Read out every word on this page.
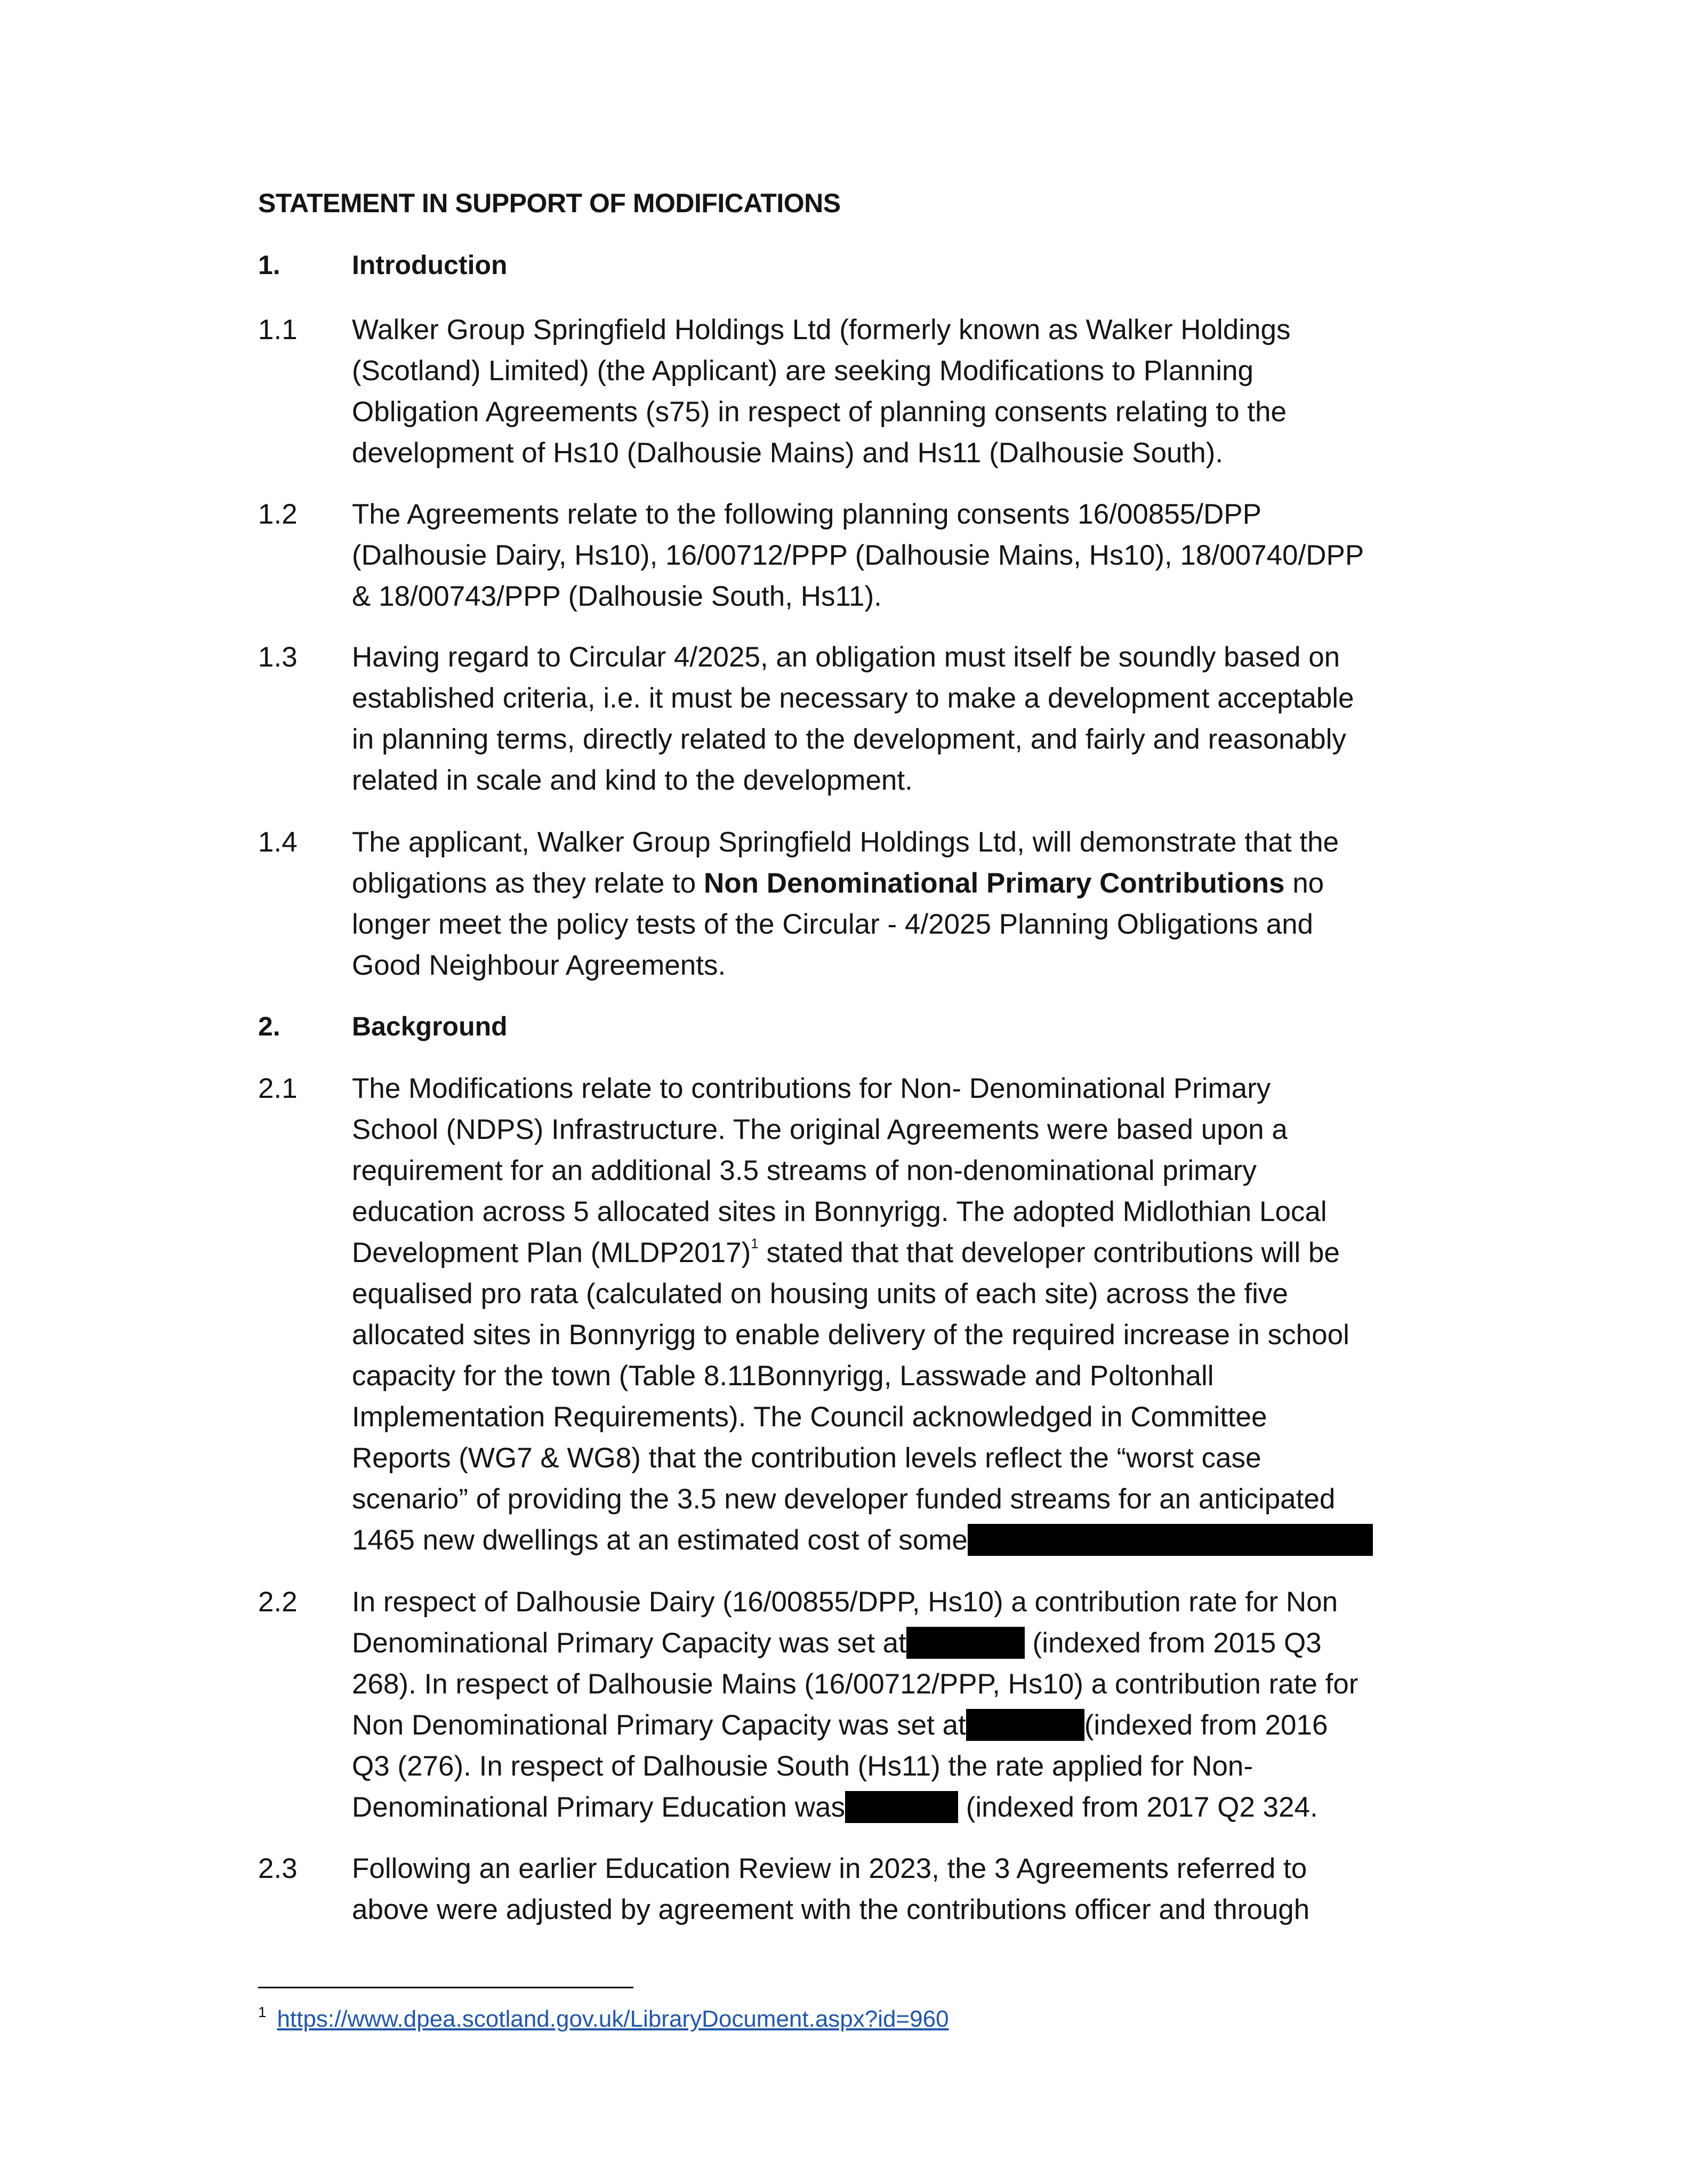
STATEMENT IN SUPPORT OF MODIFICATIONS
1.	Introduction
1.1	Walker Group Springfield Holdings Ltd (formerly known as Walker Holdings
(Scotland) Limited) (the Applicant) are seeking Modifications to Planning
Obligation Agreements (s75) in respect of planning consents relating to the
development of Hs10 (Dalhousie Mains) and Hs11 (Dalhousie South).
1.2	The Agreements relate to the following planning consents 16/00855/DPP
(Dalhousie Dairy, Hs10), 16/00712/PPP (Dalhousie Mains, Hs10), 18/00740/DPP
& 18/00743/PPP (Dalhousie South, Hs11).
1.3	Having regard to Circular 4/2025, an obligation must itself be soundly based on
established criteria, i.e. it must be necessary to make a development acceptable
in planning terms, directly related to the development, and fairly and reasonably
related in scale and kind to the development.
1.4	The applicant, Walker Group Springfield Holdings Ltd, will demonstrate that the
obligations as they relate to Non Denominational Primary Contributions no
longer meet the policy tests of the Circular - 4/2025 Planning Obligations and
Good Neighbour Agreements.
2.	Background
2.1	The Modifications relate to contributions for Non- Denominational Primary
School (NDPS) Infrastructure. The original Agreements were based upon a
requirement for an additional 3.5 streams of non-denominational primary
education across 5 allocated sites in Bonnyrigg. The adopted Midlothian Local
Development Plan (MLDP2017)$^1$ stated that that developer contributions will be
equalised pro rata (calculated on housing units of each site) across the five
allocated sites in Bonnyrigg to enable delivery of the required increase in school
capacity for the town (Table 8.11Bonnyrigg, Lasswade and Poltonhall
Implementation Requirements). The Council acknowledged in Committee
Reports (WG7 & WG8) that the contribution levels reflect the “worst case
scenario” of providing the 3.5 new developer funded streams for an anticipated
1465 new dwellings at an estimated cost of some
2.2	In respect of Dalhousie Dairy (16/00855/DPP, Hs10) a contribution rate for Non
Denominational Primary Capacity was set at	(indexed from 2015 Q3
268). In respect of Dalhousie Mains (16/00712/PPP, Hs10) a contribution rate for
Non Denominational Primary Capacity was set at	(indexed from 2016
Q3 (276). In respect of Dalhousie South (Hs11) the rate applied for Non-
Denominational Primary Education was	(indexed from 2017 Q2 324.
2.3	Following an earlier Education Review in 2023, the 3 Agreements referred to
above were adjusted by agreement with the contributions officer and through
$^1$ https://www.dpea.scotland.gov.uk/LibraryDocument.aspx?id=960
